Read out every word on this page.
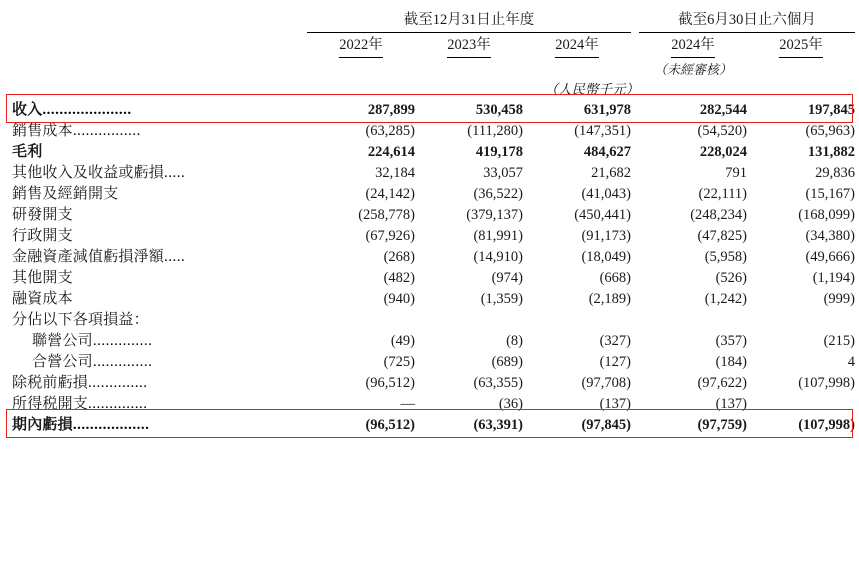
	截至12月31日止年度				截至6月30日止六個月	

	2022年	2023年	2024年		2024年	2025年
					（未經審核）	
			（人民幣千元）			
收入.....................	287,899	530,458	631,978		282,544	197,845
銷售成本................	(63,285)	(111,280)	(147,351)		(54,520)	(65,963)
毛利	224,614	419,178	484,627		228,024	131,882
其他收入及收益或虧損.....	32,184	33,057	21,682		791	29,836
銷售及經銷開支	(24,142)	(36,522)	(41,043)		(22,111)	(15,167)
研發開支	(258,778)	(379,137)	(450,441)		(248,234)	(168,099)
行政開支	(67,926)	(81,991)	(91,173)		(47,825)	(34,380)
金融資產減值虧損淨額.....	(268)	(14,910)	(18,049)		(5,958)	(49,666)
其他開支	(482)	(974)	(668)		(526)	(1,194)
融資成本	(940)	(1,359)	(2,189)		(1,242)	(999)
分佔以下各項損益：						
聯營公司..............	(49)	(8)	(327)		(357)	(215)
合營公司..............	(725)	(689)	(127)		(184)	4
除税前虧損..............	(96,512)	(63,355)	(97,708)		(97,622)	(107,998)
所得税開支..............	—	(36)	(137)		(137)	
期內虧損..................	(96,512)	(63,391)	(97,845)		(97,759)	(107,998)
